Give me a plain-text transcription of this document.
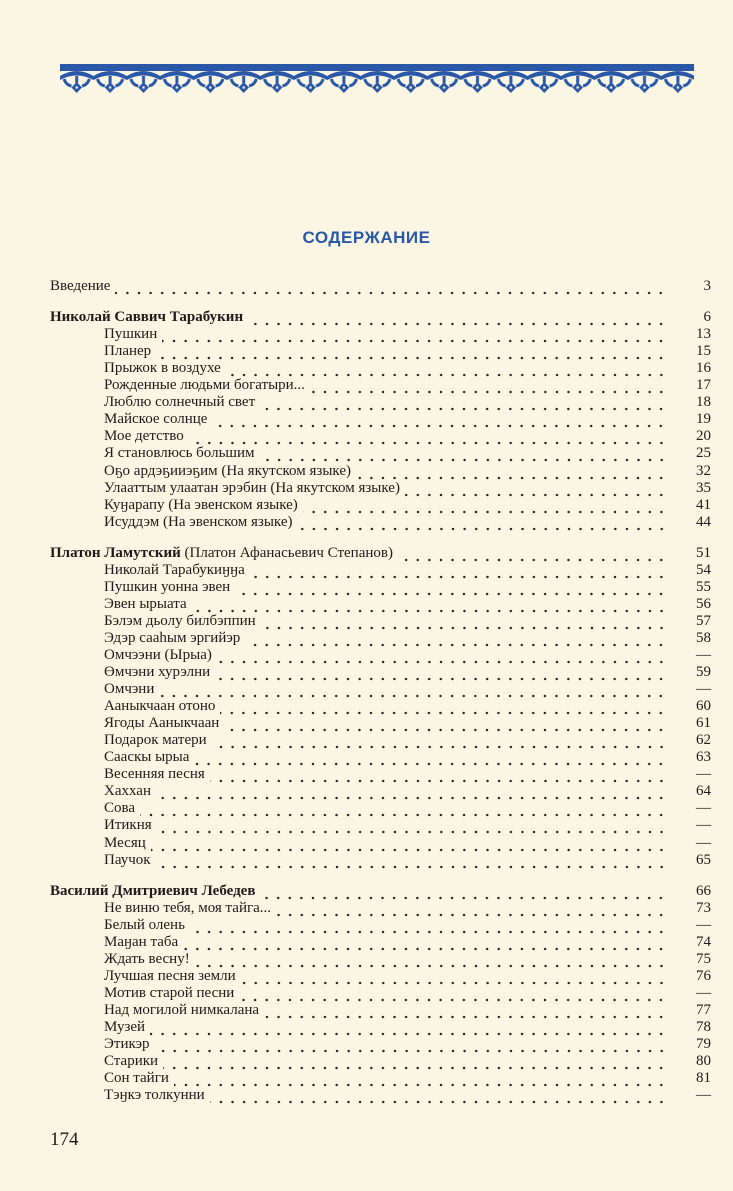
СОДЕРЖАНИЕ
Введение	3
Николай Саввич Тарабукин	6
Пушкин	13
Планер	15
Прыжок в воздухе	16
Рожденные людьми богатыри...	17
Люблю солнечный свет	18
Майское солнце	19
Мое детство	20
Я становлюсь большим	25
Оҕо ардэҕииэҕим (На якутском языке)	32
Улааттым улаатан эрэбин (На якутском языке)	35
Куӈарапу (На эвенском языке)	41
Исуддэм (На эвенском языке)	44
Платон Ламутский (Платон Афанасьевич Степанов)	51
Николай Тарабукиӈӈа	54
Пушкин уонна эвен	55
Эвен ырыата	56
Бэлэм дьолу билбэппин	57
Эдэр сааһым эргийэр	58
Омчээни (Ырыа)	—
Өмчэни хурэлни	59
Омчэни	—
Ааныкчаан отоно	60
Ягоды Ааныкчаан	61
Подарок матери	62
Сааскы ырыа	63
Весенняя песня	—
Хаххан	64
Сова	—
Итикня	—
Месяц	—
Паучок	65
Василий Дмитриевич Лебедев	66
Не виню тебя, моя тайга...	73
Белый олень	—
Маӈан таба	74
Ждать весну!	75
Лучшая песня земли	76
Мотив старой песни	—
Над могилой нимкалана	77
Музей	78
Этикэр	79
Старики	80
Сон тайги	81
Тэӈкэ толкунни	—
174
